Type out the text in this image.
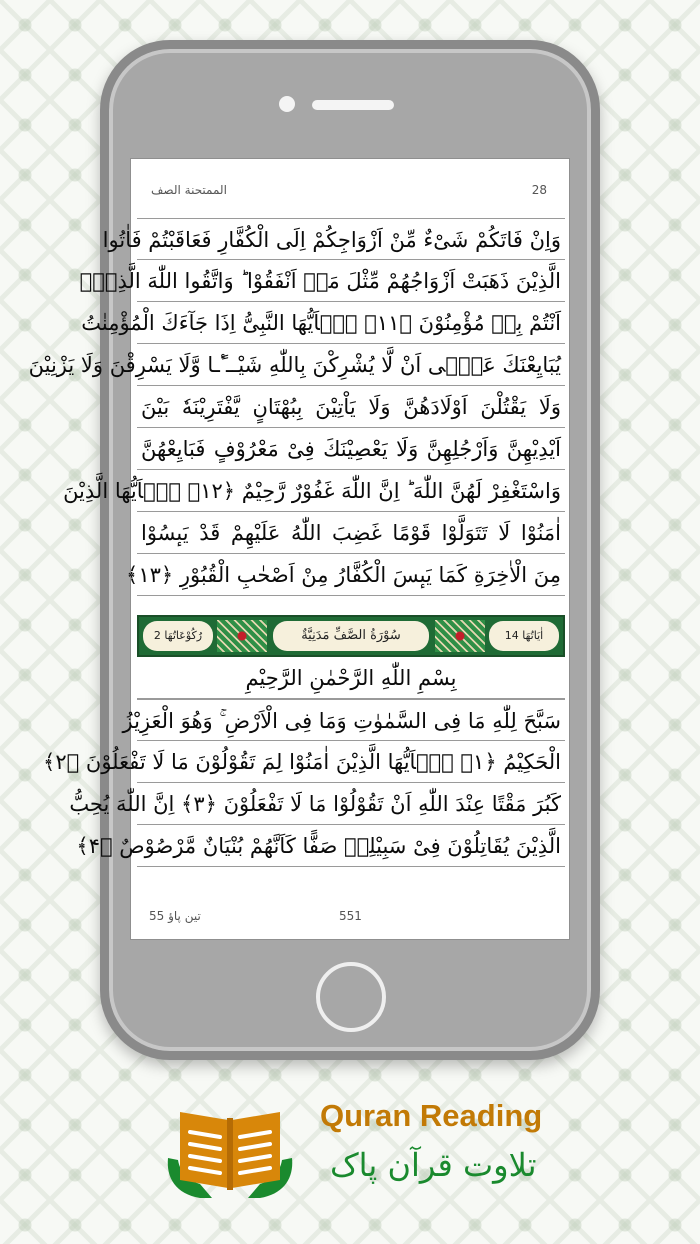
الممتحنة الصف	28
وَاِنْ فَاتَكُمْ شَیْءٌ مِّنْ اَزْوَاجِكُمْ اِلَى الْكُفَّارِ فَعَاقَبْتُمْ فَاٰتُوا
الَّذِیْنَ ذَهَبَتْ اَزْوَاجُهُمْ مِّثْلَ مَاۤ اَنْفَقُوْا ؕ وَاتَّقُوا اللّٰهَ الَّذِیْۤ
اَنْتُمْ بِهٖ مُؤْمِنُوْنَ ﴿۱۱﴾ یٰۤاَیُّهَا النَّبِیُّ اِذَا جَآءَكَ الْمُؤْمِنٰتُ
یُبَایِعْنَكَ عَلٰۤى اَنْ لَّا یُشْرِكْنَ بِاللّٰهِ شَیْــٴًـا وَّلَا یَسْرِقْنَ وَلَا یَزْنِیْنَ
وَلَا یَقْتُلْنَ اَوْلَادَهُنَّ وَلَا یَاْتِیْنَ بِبُهْتَانٍ یَّفْتَرِیْنَهٗ بَیْنَ
اَیْدِیْهِنَّ وَاَرْجُلِهِنَّ وَلَا یَعْصِیْنَكَ فِیْ مَعْرُوْفٍ فَبَایِعْهُنَّ
وَاسْتَغْفِرْ لَهُنَّ اللّٰهَ ؕ اِنَّ اللّٰهَ غَفُوْرٌ رَّحِیْمٌ ﴿۱۲﴾ یٰۤاَیُّهَا الَّذِیْنَ
اٰمَنُوْا لَا تَتَوَلَّوْا قَوْمًا غَضِبَ اللّٰهُ عَلَیْهِمْ قَدْ یَىٕسُوْا
مِنَ الْاٰخِرَةِ كَمَا یَىٕسَ الْكُفَّارُ مِنْ اَصْحٰبِ الْقُبُوْرِ ﴿۱۳﴾
رُكُوْعَاتُهَا 2	سُوْرَةُ الصَّفِّ مَدَنِیَّةٌ	اٰیَاتُهَا 14
بِسْمِ اللّٰهِ الرَّحْمٰنِ الرَّحِیْمِ
سَبَّحَ لِلّٰهِ مَا فِی السَّمٰوٰتِ وَمَا فِی الْاَرْضِ ۚ وَهُوَ الْعَزِیْزُ
الْحَكِیْمُ ﴿۱﴾ یٰۤاَیُّهَا الَّذِیْنَ اٰمَنُوْا لِمَ تَقُوْلُوْنَ مَا لَا تَفْعَلُوْنَ ﴿۲﴾
كَبُرَ مَقْتًا عِنْدَ اللّٰهِ اَنْ تَقُوْلُوْا مَا لَا تَفْعَلُوْنَ ﴿۳﴾ اِنَّ اللّٰهَ یُحِبُّ
الَّذِیْنَ یُقَاتِلُوْنَ فِیْ سَبِیْلِهٖ صَفًّا كَاَنَّهُمْ بُنْیَانٌ مَّرْصُوْصٌ ﴿۴﴾
تین پاؤ 55	551
Quran Reading
تلاوت قرآن پاک
